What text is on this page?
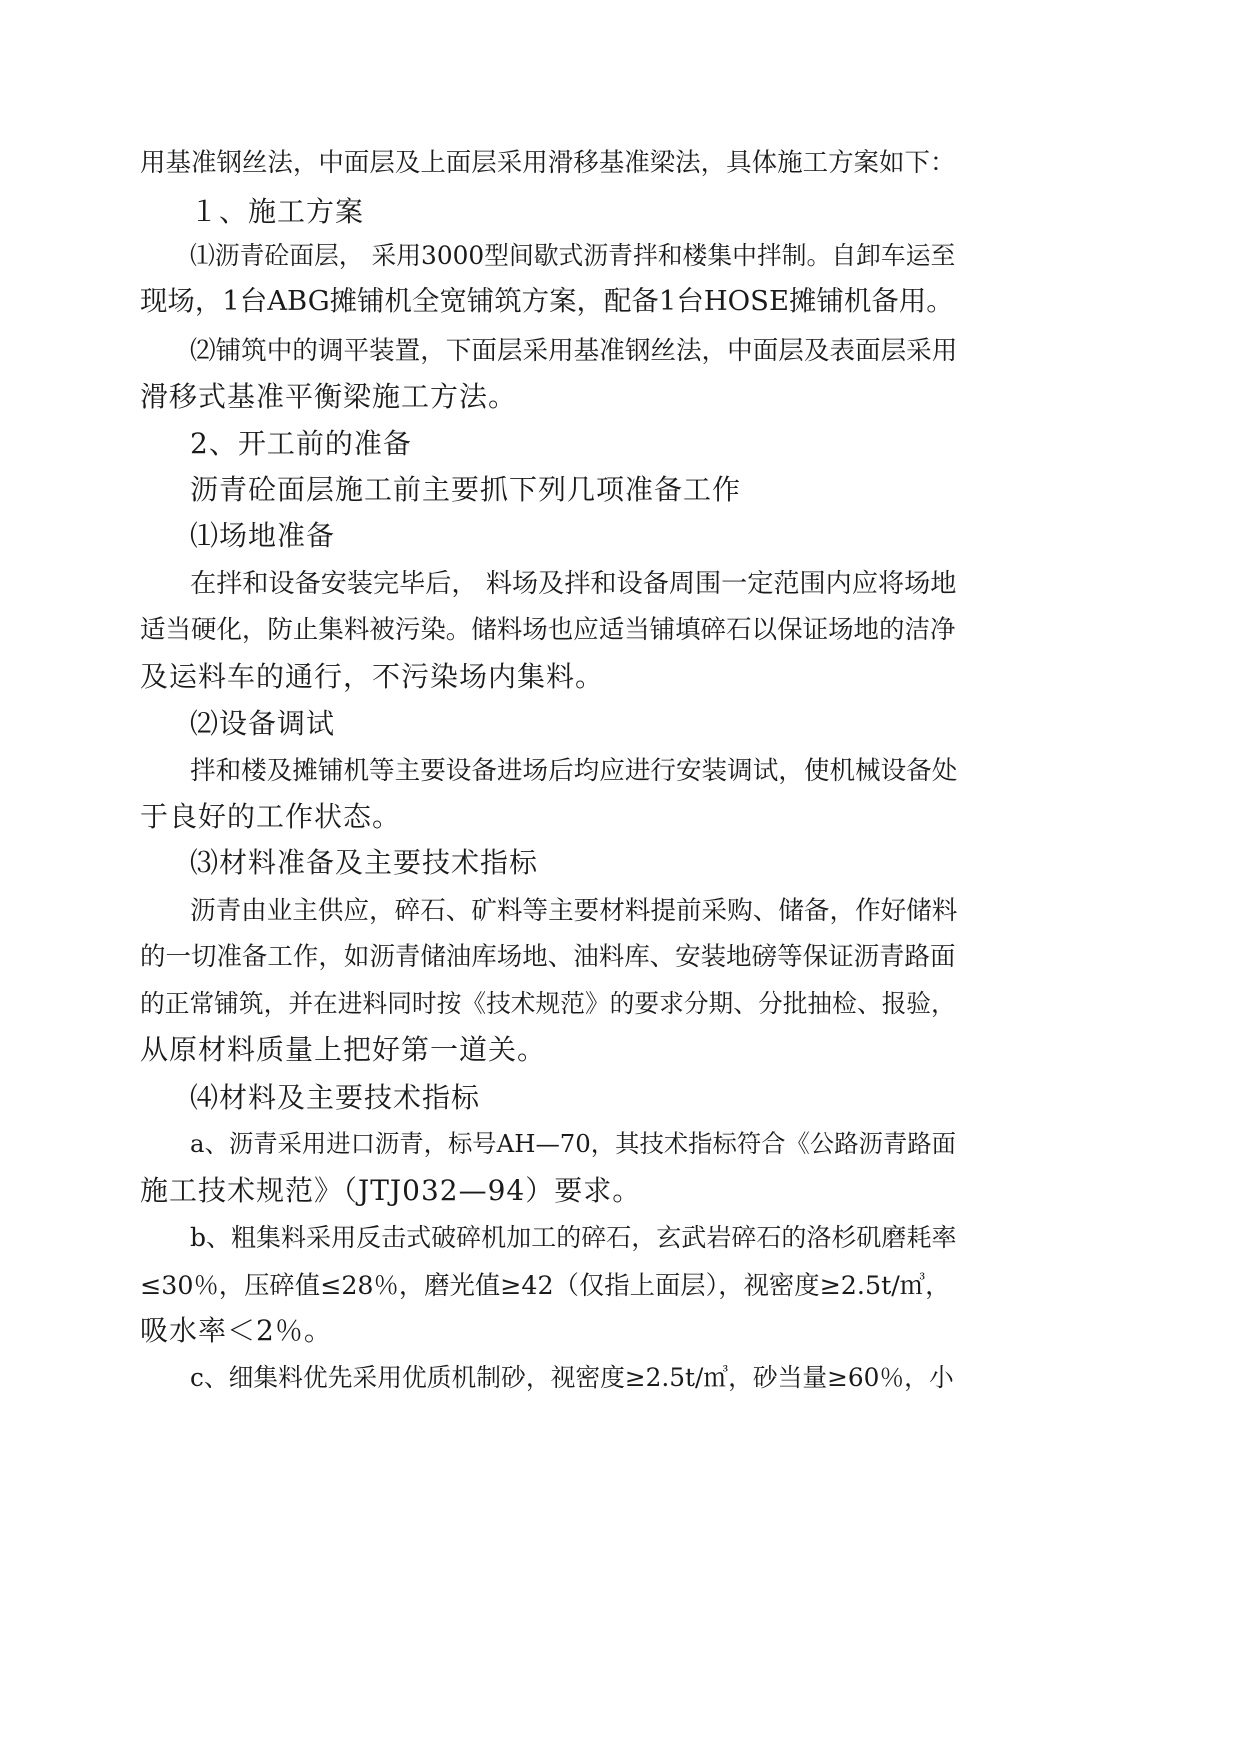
用基准钢丝法，中面层及上面层采用滑移基准梁法，具体施工方案如下：
１、施工方案
⑴沥青砼面层， 采用3000型间歇式沥青拌和楼集中拌制。自卸车运至
现场，1台ABG摊铺机全宽铺筑方案，配备1台HOSE摊铺机备用。
⑵铺筑中的调平装置，下面层采用基准钢丝法，中面层及表面层采用
滑移式基准平衡梁施工方法。
2、开工前的准备
沥青砼面层施工前主要抓下列几项准备工作
⑴场地准备
在拌和设备安装完毕后， 料场及拌和设备周围一定范围内应将场地
适当硬化，防止集料被污染。储料场也应适当铺填碎石以保证场地的洁净
及运料车的通行，不污染场内集料。
⑵设备调试
拌和楼及摊铺机等主要设备进场后均应进行安装调试，使机械设备处
于良好的工作状态。
⑶材料准备及主要技术指标
沥青由业主供应，碎石、矿料等主要材料提前采购、储备，作好储料
的一切准备工作，如沥青储油库场地、油料库、安装地磅等保证沥青路面
的正常铺筑，并在进料同时按《技术规范》的要求分期、分批抽检、报验，
从原材料质量上把好第一道关。
⑷材料及主要技术指标
a、沥青采用进口沥青，标号AH—70，其技术指标符合《公路沥青路面
施工技术规范》（JTJ032—94）要求。
b、粗集料采用反击式破碎机加工的碎石，玄武岩碎石的洛杉矶磨耗率
≤30％，压碎值≤28％，磨光值≥42（仅指上面层），视密度≥2.5t/㎥，
吸水率＜2％。
c、细集料优先采用优质机制砂，视密度≥2.5t/㎥，砂当量≥60％，小
